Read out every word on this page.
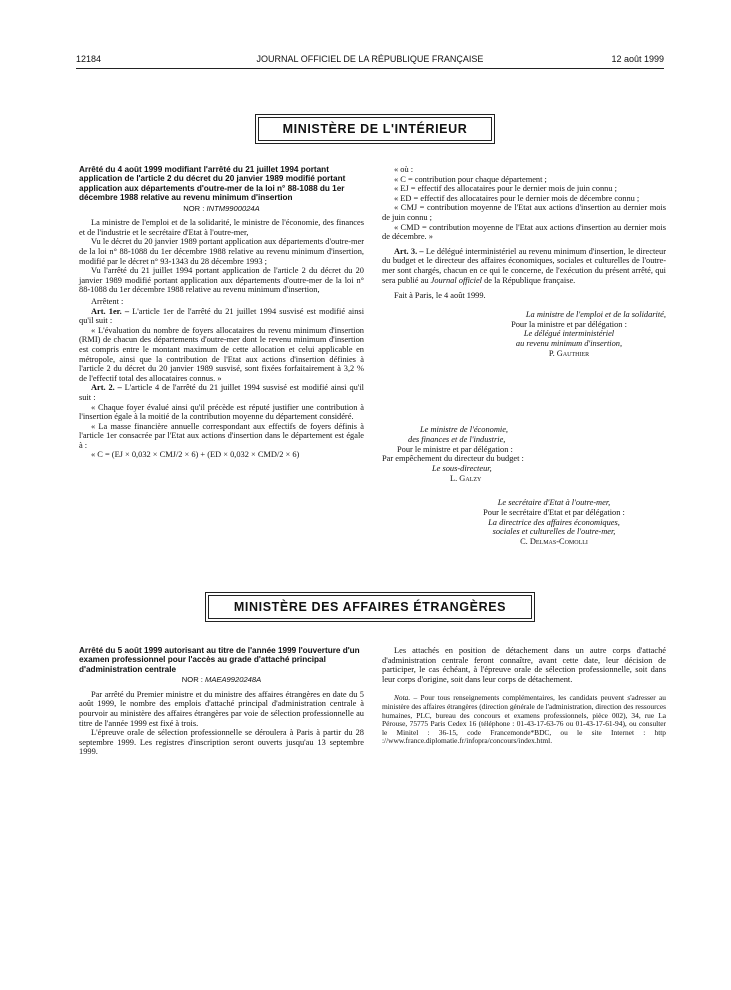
12184	JOURNAL OFFICIEL DE LA RÉPUBLIQUE FRANÇAISE	12 août 1999
MINISTÈRE DE L'INTÉRIEUR
Arrêté du 4 août 1999 modifiant l'arrêté du 21 juillet 1994 portant application de l'article 2 du décret du 20 janvier 1989 modifié portant application aux départements d'outre-mer de la loi n° 88-1088 du 1er décembre 1988 relative au revenu minimum d'insertion
NOR : INTM9900024A

La ministre de l'emploi et de la solidarité, le ministre de l'économie, des finances et de l'industrie et le secrétaire d'Etat à l'outre-mer,

Vu le décret du 20 janvier 1989 portant application aux départements d'outre-mer de la loi n° 88-1088 du 1er décembre 1988 relative au revenu minimum d'insertion, modifié par le décret n° 93-1343 du 28 décembre 1993 ;

Vu l'arrêté du 21 juillet 1994 portant application de l'article 2 du décret du 20 janvier 1989 modifié portant application aux départements d'outre-mer de la loi n° 88-1088 du 1er décembre 1988 relative au revenu minimum d'insertion,

Arrêtent :

Art. 1er. – L'article 1er de l'arrêté du 21 juillet 1994 susvisé est modifié ainsi qu'il suit :

« L'évaluation du nombre de foyers allocataires du revenu minimum d'insertion (RMI) de chacun des départements d'outre-mer dont le revenu minimum d'insertion est compris entre le montant maximum de cette allocation et celui applicable en métropole, ainsi que la contribution de l'Etat aux actions d'insertion définies à l'article 2 du décret du 20 janvier 1989 susvisé, sont fixées forfaitairement à 3,2 % de l'effectif total des allocataires connus. »

Art. 2. – L'article 4 de l'arrêté du 21 juillet 1994 susvisé est modifié ainsi qu'il suit :

« Chaque foyer évalué ainsi qu'il précède est réputé justifier une contribution à l'insertion égale à la moitié de la contribution moyenne du département considéré.

« La masse financière annuelle correspondant aux effectifs de foyers définis à l'article 1er consacrée par l'Etat aux actions d'insertion dans le département est égale à :

« C = (EJ × 0,032 × CMJ/2 × 6) + (ED × 0,032 × CMD/2 × 6)

« où :

« C = contribution pour chaque département ;

« EJ = effectif des allocataires pour le dernier mois de juin connu ;

« ED = effectif des allocataires pour le dernier mois de décembre connu ;

« CMJ = contribution moyenne de l'Etat aux actions d'insertion au dernier mois de juin connu ;

« CMD = contribution moyenne de l'Etat aux actions d'insertion au dernier mois de décembre. »

Art. 3. – Le délégué interministériel au revenu minimum d'insertion, le directeur du budget et le directeur des affaires économiques, sociales et culturelles de l'outre-mer sont chargés, chacun en ce qui le concerne, de l'exécution du présent arrêté, qui sera publié au Journal officiel de la République française.

Fait à Paris, le 4 août 1999.

La ministre de l'emploi et de la solidarité,
Pour la ministre et par délégation :
Le délégué interministériel
au revenu minimum d'insertion,
P. Gauthier
Le ministre de l'économie,
des finances et de l'industrie,
Pour le ministre et par délégation :
Par empêchement du directeur du budget :
Le sous-directeur,
L. Galzy
Le secrétaire d'Etat à l'outre-mer,
Pour le secrétaire d'Etat et par délégation :
La directrice des affaires économiques,
sociales et culturelles de l'outre-mer,
C. Delmas-Comolli
MINISTÈRE DES AFFAIRES ÉTRANGÈRES
Arrêté du 5 août 1999 autorisant au titre de l'année 1999 l'ouverture d'un examen professionnel pour l'accès au grade d'attaché principal d'administration centrale
NOR : MAEA9920248A

Par arrêté du Premier ministre et du ministre des affaires étrangères en date du 5 août 1999, le nombre des emplois d'attaché principal d'administration centrale à pourvoir au ministère des affaires étrangères par voie de sélection professionnelle au titre de l'année 1999 est fixé à trois.

L'épreuve orale de sélection professionnelle se déroulera à Paris à partir du 28 septembre 1999. Les registres d'inscription seront ouverts jusqu'au 13 septembre 1999.

Les attachés en position de détachement dans un autre corps d'attaché d'administration centrale feront connaître, avant cette date, leur décision de participer, le cas échéant, à l'épreuve orale de sélection professionnelle, soit dans leur corps d'origine, soit dans leur corps de détachement.

Nota. – Pour tous renseignements complémentaires, les candidats peuvent s'adresser au ministère des affaires étrangères (direction générale de l'administration, direction des ressources humaines, PLC, bureau des concours et examens professionnels, pièce 002), 34, rue La Pérouse, 75775 Paris Cedex 16 (téléphone : 01-43-17-63-76 ou 01-43-17-61-94), ou consulter le Minitel : 36-15, code Francemonde*BDC, ou le site Internet : http ://www.france.diplomatie.fr/infopra/concours/index.html.
